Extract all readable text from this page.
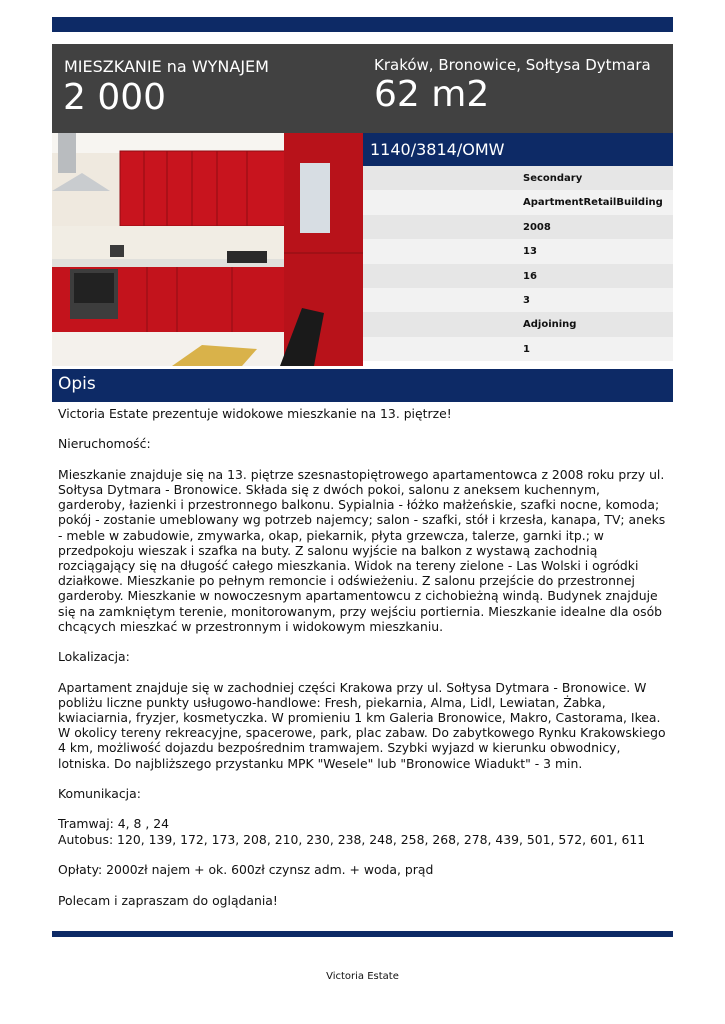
MIESZKANIE na WYNAJEM
2 000
Kraków, Bronowice, Sołtysa Dytmara
62 m2
1140/3814/OMW
Secondary
ApartmentRetailBuilding
2008
13
16
3
Adjoining
1
Opis

Victoria Estate prezentuje widokowe mieszkanie na 13. piętrze!

Nieruchomość:

Mieszkanie znajduje się na 13. piętrze szesnastopiętrowego apartamentowca z 2008 roku przy ul. Sołtysa Dytmara - Bronowice. Składa się z dwóch pokoi, salonu z aneksem kuchennym, garderoby, łazienki i przestronnego balkonu. Sypialnia - łóżko małżeńskie, szafki nocne, komoda; pokój - zostanie umeblowany wg potrzeb najemcy; salon - szafki, stół i krzesła, kanapa, TV; aneks - meble w zabudowie, zmywarka, okap, piekarnik, płyta grzewcza, talerze, garnki itp.; w przedpokoju wieszak i szafka na buty. Z salonu wyjście na balkon z wystawą zachodnią rozciągający się na długość całego mieszkania. Widok na tereny zielone - Las Wolski i ogródki działkowe. Mieszkanie po pełnym remoncie i odświeżeniu. Z salonu przejście do przestronnej garderoby. Mieszkanie w nowoczesnym apartamentowcu z cichobieżną windą. Budynek znajduje się na zamkniętym terenie, monitorowanym, przy wejściu portiernia. Mieszkanie idealne dla osób chcących mieszkać w przestronnym i widokowym mieszkaniu.

Lokalizacja:

Apartament znajduje się w zachodniej części Krakowa przy ul. Sołtysa Dytmara - Bronowice. W pobliżu liczne punkty usługowo-handlowe: Fresh, piekarnia, Alma, Lidl, Lewiatan, Żabka, kwiaciarnia, fryzjer, kosmetyczka. W promieniu 1 km Galeria Bronowice, Makro, Castorama, Ikea. W okolicy tereny rekreacyjne, spacerowe, park, plac zabaw. Do zabytkowego Rynku Krakowskiego 4 km, możliwość dojazdu bezpośrednim tramwajem. Szybki wyjazd w kierunku obwodnicy, lotniska. Do najbliższego przystanku MPK "Wesele" lub "Bronowice Wiadukt" - 3 min.

Komunikacja:

Tramwaj: 4, 8 , 24
Autobus: 120, 139, 172, 173, 208, 210, 230, 238, 248, 258, 268, 278, 439, 501, 572, 601, 611

Opłaty: 2000zł najem + ok. 600zł czynsz adm. + woda, prąd

Polecam i zapraszam do oglądania!

Victoria Estate
